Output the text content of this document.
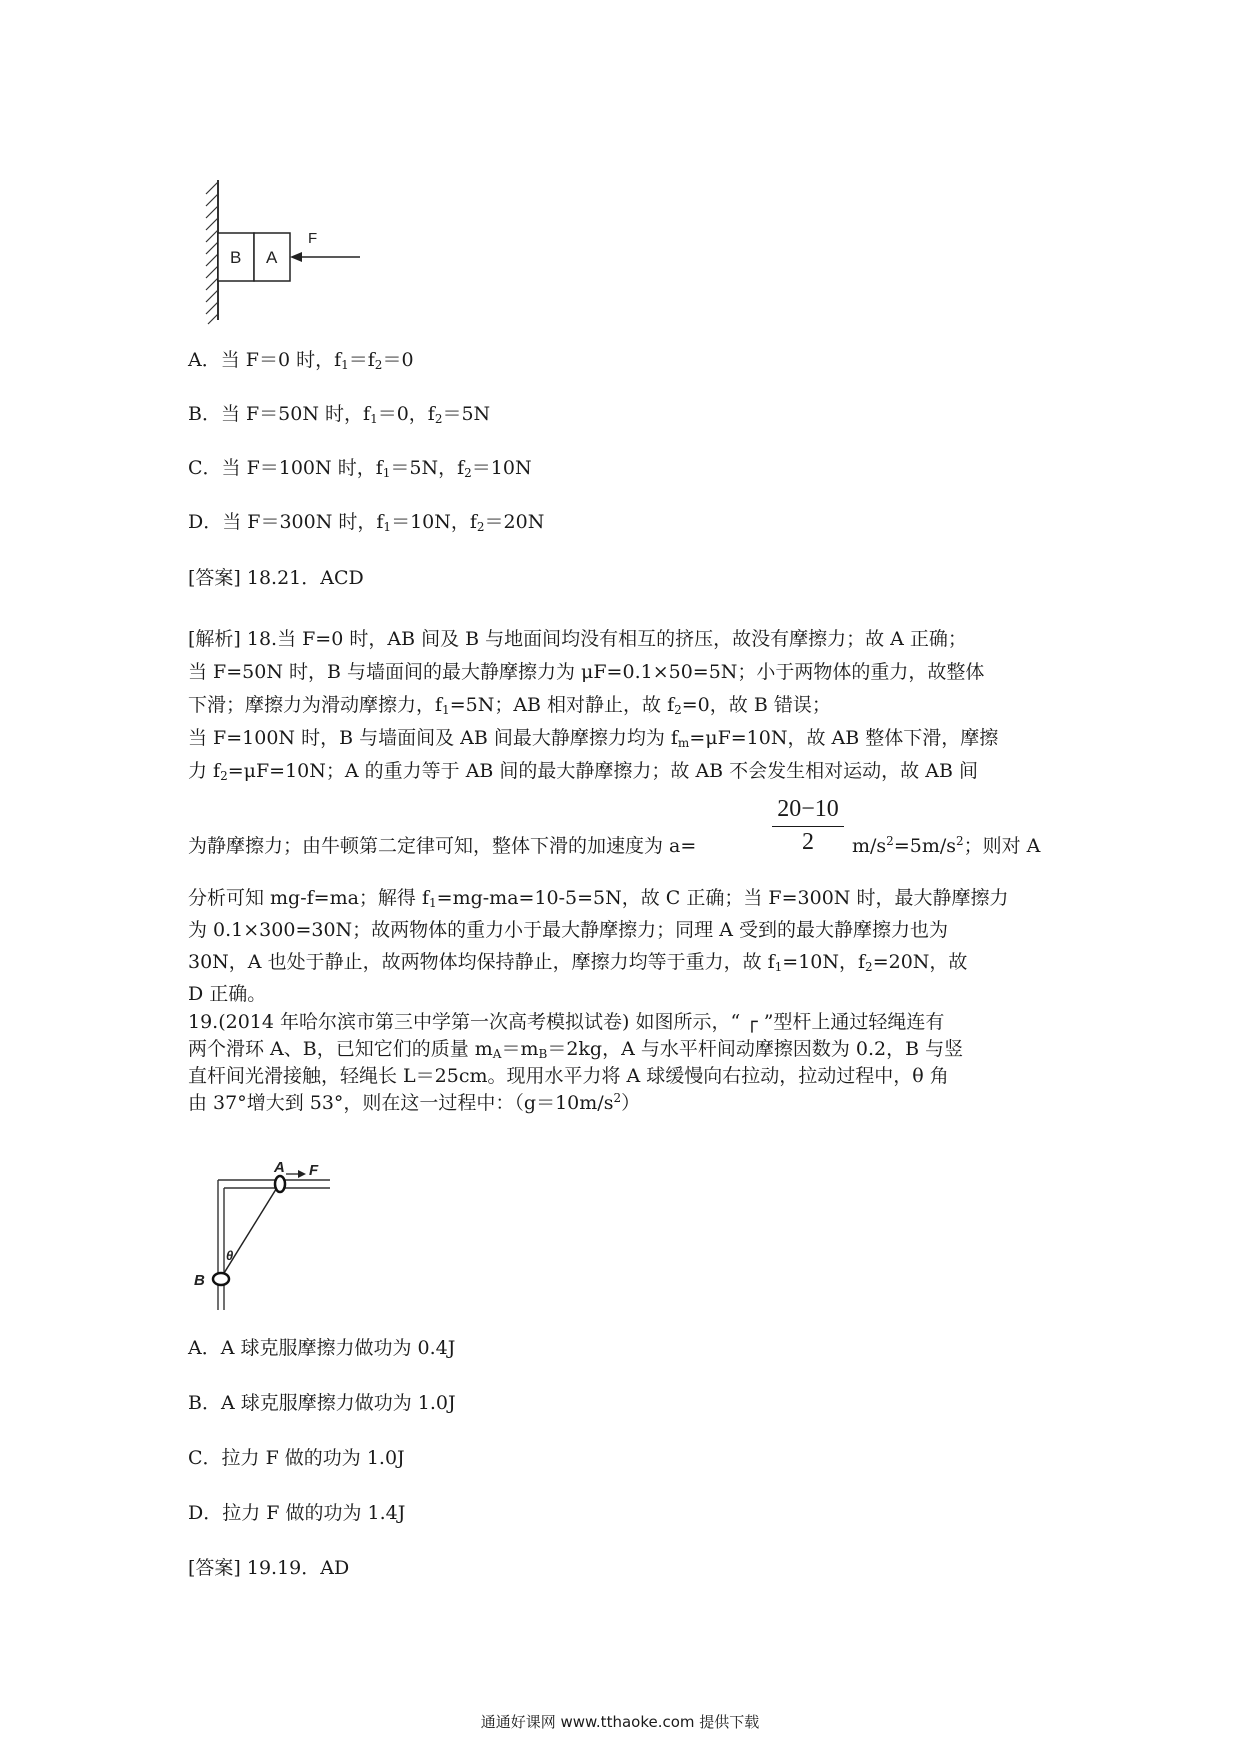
B A
F
A．当 F＝0 时，$f_1=f_2=0$
B．当 F＝50N 时，$f_1=0$，$f_2=5N$
C．当 F＝100N 时，$f_1=5N$，$f_2=10N$
D．当 F＝300N 时，$f_1=10N$，$f_2=20N$
[答案] 18.21．ACD
[解析] 18.当 F=0 时，AB 间及 B 与地面间均没有相互的挤压，故没有摩擦力；故 A 正确；
当 F=50N 时，B 与墙面间的最大静摩擦力为 μF=0.1×50=5N；小于两物体的重力，故整体
下滑；摩擦力为滑动摩擦力，$f_1=5N$；AB 相对静止，故 $f_2=0$，故 B 错误；
当 F=100N 时，B 与墙面间及 AB 间最大静摩擦力均为 $f_m=\mu F=10N$，故 AB 整体下滑，摩擦
力 $f_2=\mu F=10N$；A 的重力等于 AB 间的最大静摩擦力；故 AB 不会发生相对运动，故 AB 间
20−10
2
为静摩擦力；由牛顿第二定律可知，整体下滑的加速度为 a=	$m/s^2=5m/s^2$；则对 A
分析可知 mg-f=ma；解得 $f_1=mg-ma=10-5=5N$，故 C 正确；当 F=300N 时，最大静摩擦力
为 0.1×300=30N；故两物体的重力小于最大静摩擦力；同理 A 受到的最大静摩擦力也为
30N，A 也处于静止，故两物体均保持静止，摩擦力均等于重力，故 $f_1=10N$，$f_2=20N$，故
D 正确。
19.(2014 年哈尔滨市第三中学第一次高考模拟试卷) 如图所示，“ ┌ ”型杆上通过轻绳连有
两个滑环 A、B，已知它们的质量 $m_A=m_B=2kg$，A 与水平杆间动摩擦因数为 0.2，B 与竖
直杆间光滑接触，轻绳长 L＝25cm。现用水平力将 A 球缓慢向右拉动，拉动过程中，θ 角
由 37°增大到 53°，则在这一过程中：$(g=10m/s^2)$
A F
B
θ
A．A 球克服摩擦力做功为 0.4J
B．A 球克服摩擦力做功为 1.0J
C．拉力 F 做的功为 1.0J
D．拉力 F 做的功为 1.4J
[答案] 19.19．AD
通通好课网 www.tthaoke.com 提供下载
